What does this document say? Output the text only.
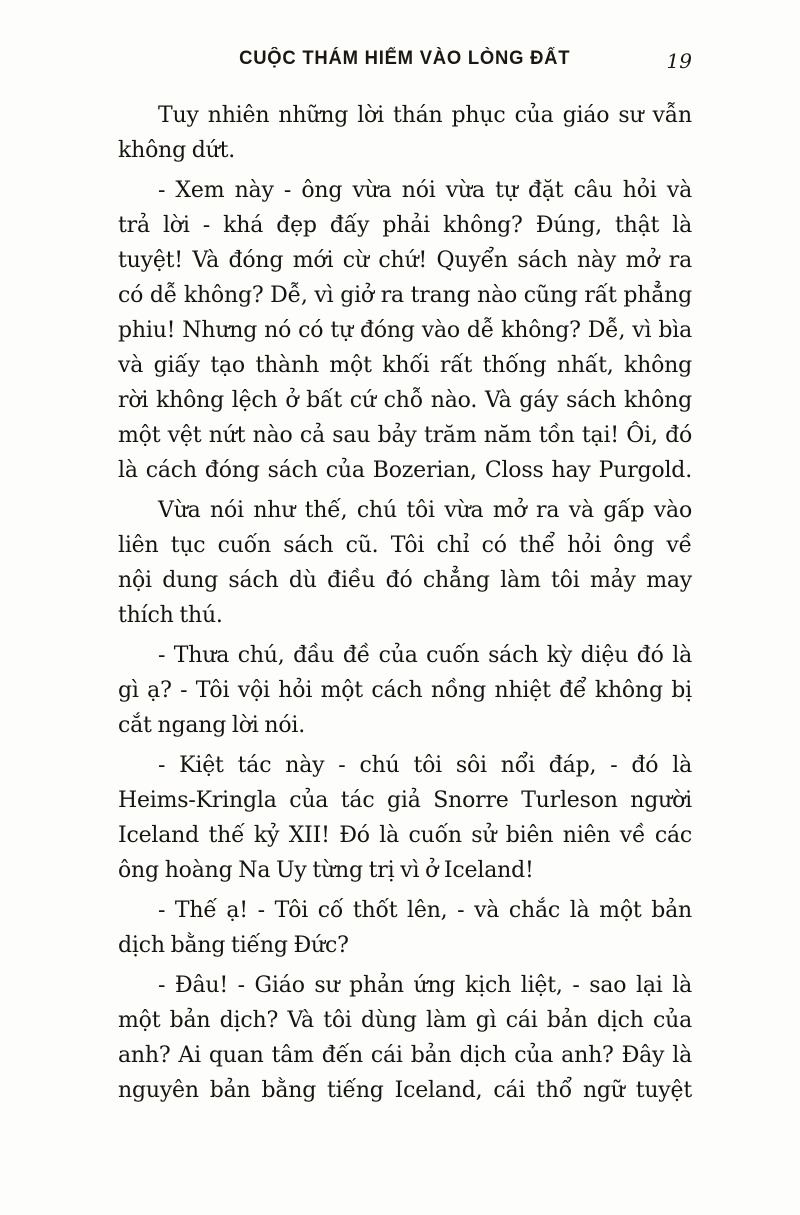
CUỘC THÁM HIỂM VÀO LÒNG ĐẤT	19
Tuy nhiên những lời thán phục của giáo sư vẫn
không dứt.
- Xem này - ông vừa nói vừa tự đặt câu hỏi và
trả lời - khá đẹp đấy phải không? Đúng, thật là
tuyệt! Và đóng mới cừ chứ! Quyển sách này mở ra
có dễ không? Dễ, vì giở ra trang nào cũng rất phẳng
phiu! Nhưng nó có tự đóng vào dễ không? Dễ, vì bìa
và giấy tạo thành một khối rất thống nhất, không
rời không lệch ở bất cứ chỗ nào. Và gáy sách không
một vệt nứt nào cả sau bảy trăm năm tồn tại! Ôi, đó
là cách đóng sách của Bozerian, Closs hay Purgold.
Vừa nói như thế, chú tôi vừa mở ra và gấp vào
liên tục cuốn sách cũ. Tôi chỉ có thể hỏi ông về
nội dung sách dù điều đó chẳng làm tôi mảy may
thích thú.
- Thưa chú, đầu đề của cuốn sách kỳ diệu đó là
gì ạ? - Tôi vội hỏi một cách nồng nhiệt để không bị
cắt ngang lời nói.
- Kiệt tác này - chú tôi sôi nổi đáp, - đó là
Heims-Kringla của tác giả Snorre Turleson người
Iceland thế kỷ XII! Đó là cuốn sử biên niên về các
ông hoàng Na Uy từng trị vì ở Iceland!
- Thế ạ! - Tôi cố thốt lên, - và chắc là một bản
dịch bằng tiếng Đức?
- Đâu! - Giáo sư phản ứng kịch liệt, - sao lại là
một bản dịch? Và tôi dùng làm gì cái bản dịch của
anh? Ai quan tâm đến cái bản dịch của anh? Đây là
nguyên bản bằng tiếng Iceland, cái thổ ngữ tuyệt
